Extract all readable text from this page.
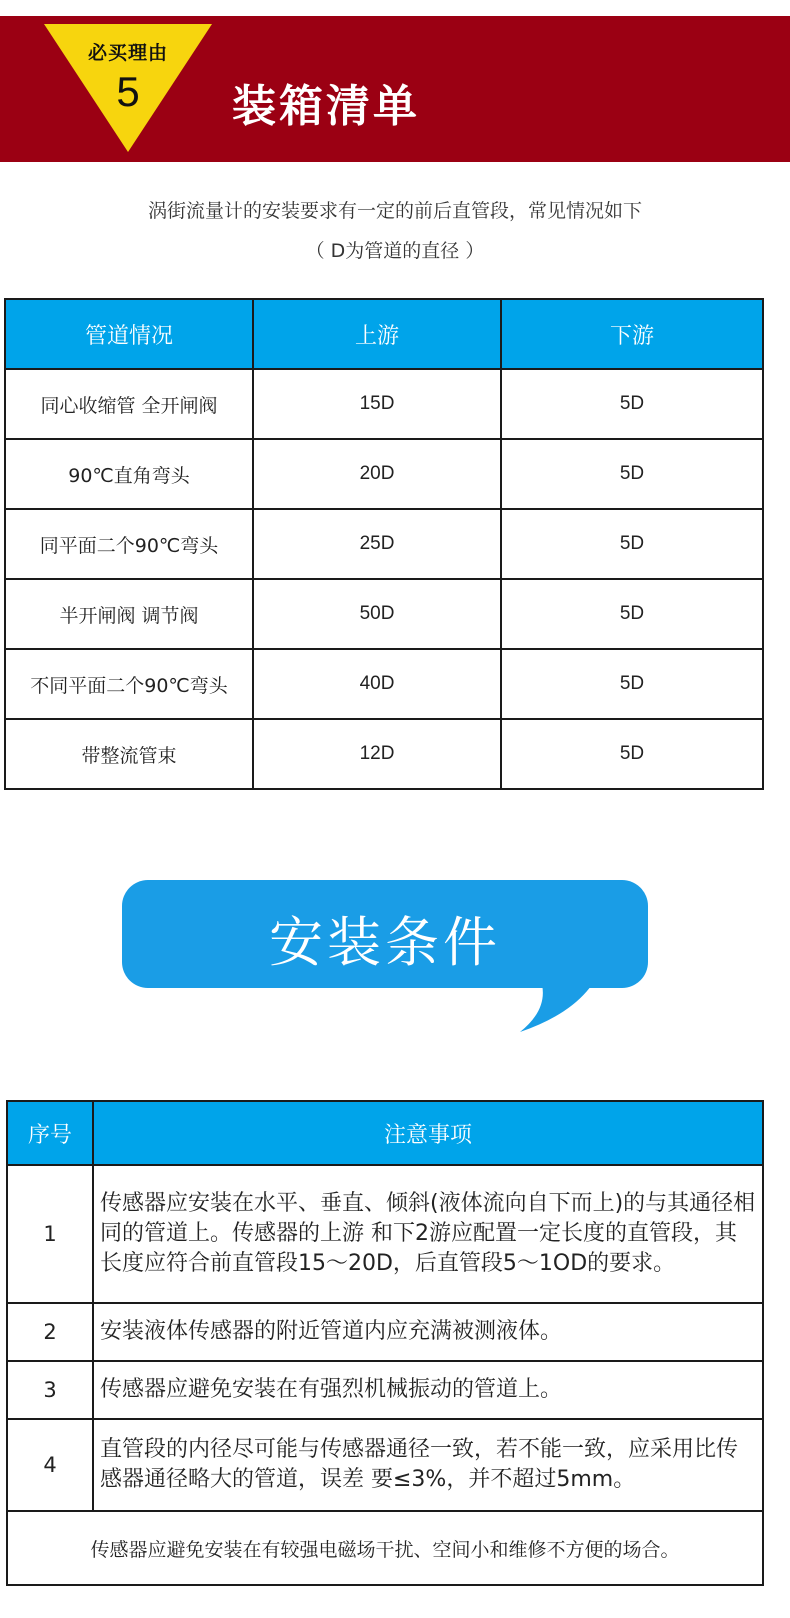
必买理由
5	装箱清单
涡街流量计的安装要求有一定的前后直管段，常见情况如下
（ D为管道的直径 ）
管道情况	上游	下游
同心收缩管 全开闸阀	15D	5D
90℃直角弯头	20D	5D
同平面二个90℃弯头	25D	5D
半开闸阀 调节阀	50D	5D
不同平面二个90℃弯头	40D	5D
带整流管束	12D	5D
安装条件
序号	注意事项
1	传感器应安装在水平、垂直、倾斜(液体流向自下而上)的与其通径相同的管道上。传感器的上游 和下2游应配置一定长度的直管段，其长度应符合前直管段15～20D，后直管段5～1OD的要求。
2	安装液体传感器的附近管道内应充满被测液体。
3	传感器应避免安装在有强烈机械振动的管道上。
4	直管段的内径尽可能与传感器通径一致，若不能一致，应采用比传感器通径略大的管道，误差 要≤3%，并不超过5mm。
传感器应避免安装在有较强电磁场干扰、空间小和维修不方便的场合。	
